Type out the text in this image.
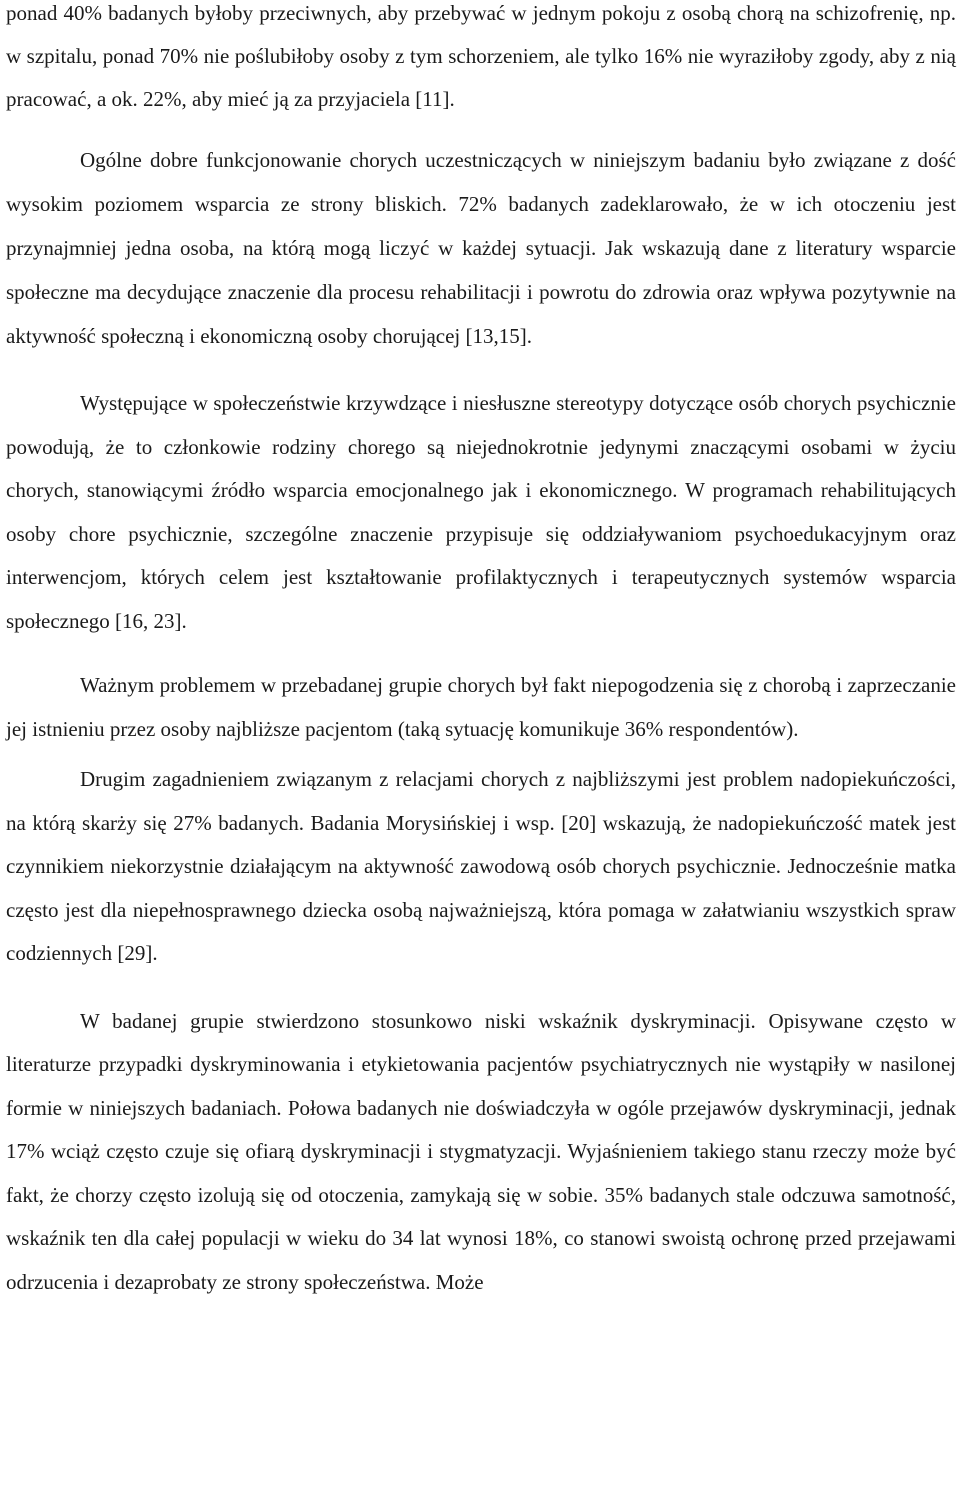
ponad 40% badanych byłoby przeciwnych, aby przebywać w jednym pokoju z osobą chorą na schizofrenię, np. w szpitalu, ponad 70% nie poślubiłoby osoby z tym schorzeniem, ale tylko 16% nie wyraziłoby zgody, aby z nią pracować, a ok. 22%, aby mieć ją za przyjaciela [11].

Ogólne dobre funkcjonowanie chorych uczestniczących w niniejszym badaniu było związane z dość wysokim poziomem wsparcia ze strony bliskich. 72% badanych zadeklarowało, że w ich otoczeniu jest przynajmniej jedna osoba, na którą mogą liczyć w każdej sytuacji. Jak wskazują dane z literatury wsparcie społeczne ma decydujące znaczenie dla procesu rehabilitacji i powrotu do zdrowia oraz wpływa pozytywnie na aktywność społeczną i ekonomiczną osoby chorującej [13,15].

Występujące w społeczeństwie krzywdzące i niesłuszne stereotypy dotyczące osób chorych psychicznie powodują, że to członkowie rodziny chorego są niejednokrotnie jedynymi znaczącymi osobami w życiu chorych, stanowiącymi źródło wsparcia emocjonalnego jak i ekonomicznego. W programach rehabilitujących osoby chore psychicznie, szczególne znaczenie przypisuje się oddziaływaniom psychoedukacyjnym oraz interwencjom, których celem jest kształtowanie profilaktycznych i terapeutycznych systemów wsparcia społecznego [16, 23].

Ważnym problemem w przebadanej grupie chorych był fakt niepogodzenia się z chorobą i zaprzeczanie jej istnieniu przez osoby najbliższe pacjentom (taką sytuację komunikuje 36% respondentów).

Drugim zagadnieniem związanym z relacjami chorych z najbliższymi jest problem nadopiekuńczości, na którą skarży się 27% badanych. Badania Morysińskiej i wsp. [20] wskazują, że nadopiekuńczość matek jest czynnikiem niekorzystnie działającym na aktywność zawodową osób chorych psychicznie. Jednocześnie matka często jest dla niepełnosprawnego dziecka osobą najważniejszą, która pomaga w załatwianiu wszystkich spraw codziennych [29].

W badanej grupie stwierdzono stosunkowo niski wskaźnik dyskryminacji. Opisywane często w literaturze przypadki dyskryminowania i etykietowania pacjentów psychiatrycznych nie wystąpiły w nasilonej formie w niniejszych badaniach. Połowa badanych nie doświadczyła w ogóle przejawów dyskryminacji, jednak 17% wciąż często czuje się ofiarą dyskryminacji i stygmatyzacji. Wyjaśnieniem takiego stanu rzeczy może być fakt, że chorzy często izolują się od otoczenia, zamykają się w sobie. 35% badanych stale odczuwa samotność, wskaźnik ten dla całej populacji w wieku do 34 lat wynosi 18%, co stanowi swoistą ochronę przed przejawami odrzucenia i dezaprobaty ze strony społeczeństwa. Może
